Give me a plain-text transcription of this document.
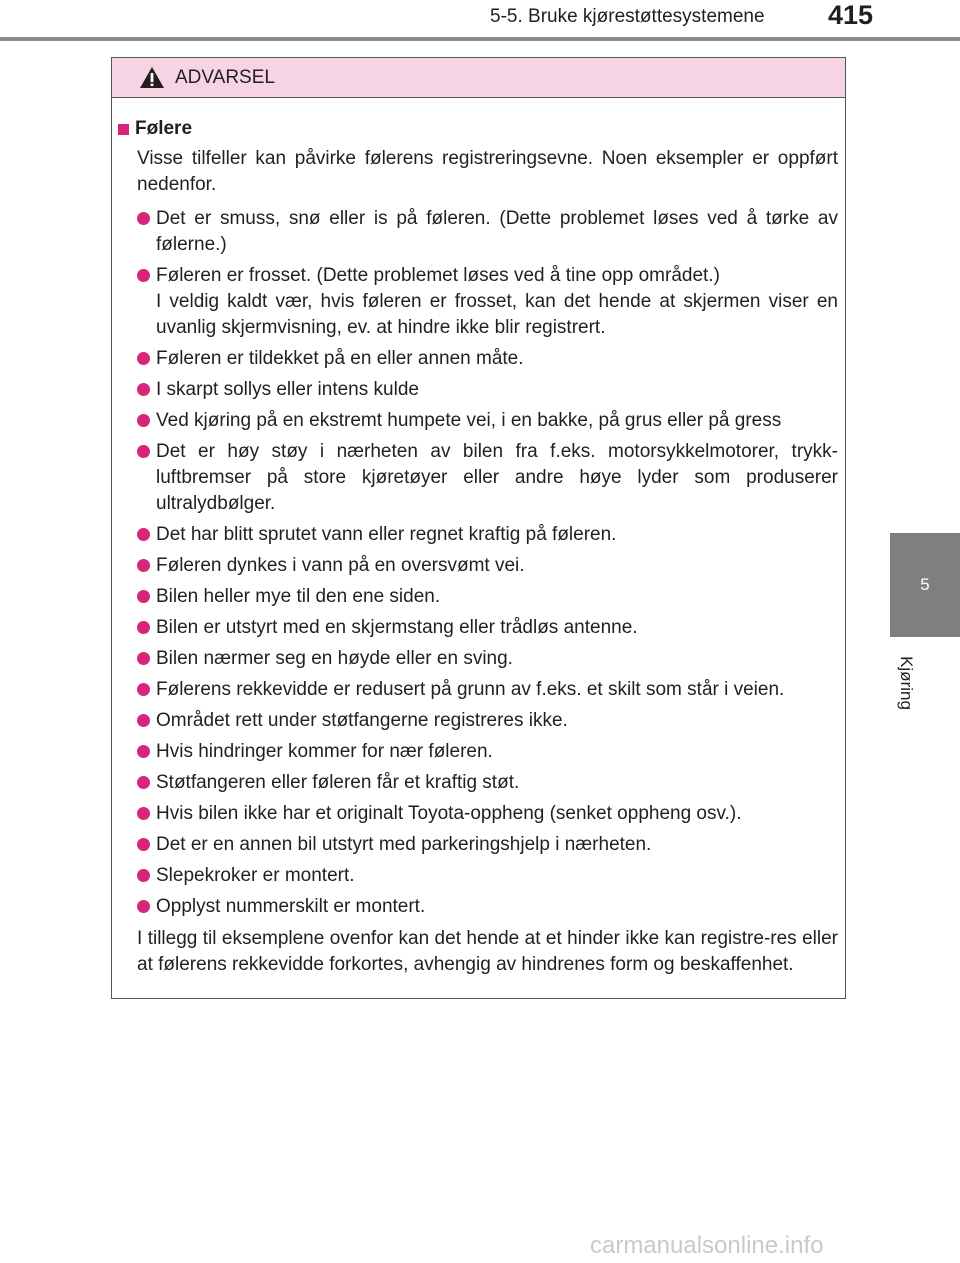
5-5. Bruke kjørestøttesystemene 415
5
Kjøring
ADVARSEL
Følere

Visse tilfeller kan påvirke følerens registreringsevne. Noen eksempler er oppført nedenfor.

Det er smuss, snø eller is på føleren. (Dette problemet løses ved å tørke av følerne.)
Føleren er frosset. (Dette problemet løses ved å tine opp området.)
I veldig kaldt vær, hvis føleren er frosset, kan det hende at skjermen viser en uvanlig skjermvisning, ev. at hindre ikke blir registrert.
Føleren er tildekket på en eller annen måte.
I skarpt sollys eller intens kulde
Ved kjøring på en ekstremt humpete vei, i en bakke, på grus eller på gress
Det er høy støy i nærheten av bilen fra f.eks. motorsykkelmotorer, trykk-luftbremser på store kjøretøyer eller andre høye lyder som produserer ultralydbølger.
Det har blitt sprutet vann eller regnet kraftig på føleren.
Føleren dynkes i vann på en oversvømt vei.
Bilen heller mye til den ene siden.
Bilen er utstyrt med en skjermstang eller trådløs antenne.
Bilen nærmer seg en høyde eller en sving.
Følerens rekkevidde er redusert på grunn av f.eks. et skilt som står i veien.
Området rett under støtfangerne registreres ikke.
Hvis hindringer kommer for nær føleren.
Støtfangeren eller føleren får et kraftig støt.
Hvis bilen ikke har et originalt Toyota-oppheng (senket oppheng osv.).
Det er en annen bil utstyrt med parkeringshjelp i nærheten.
Slepekroker er montert.
Opplyst nummerskilt er montert.

I tillegg til eksemplene ovenfor kan det hende at et hinder ikke kan registre-res eller at følerens rekkevidde forkortes, avhengig av hindrenes form og beskaffenhet.

carmanualsonline.info
